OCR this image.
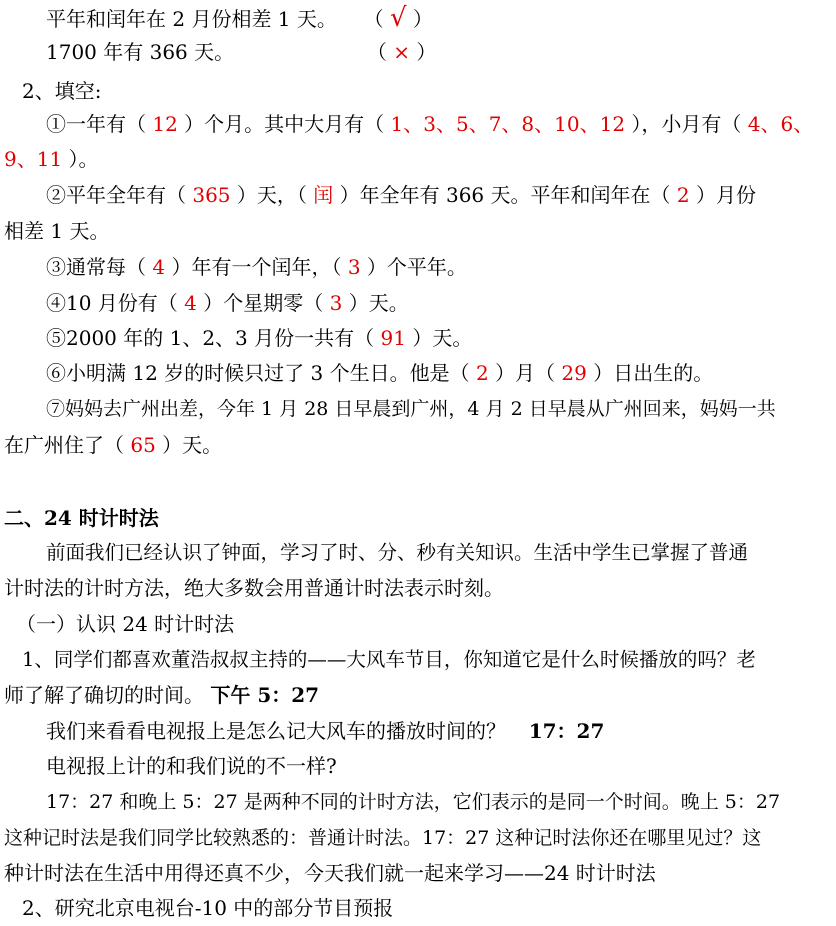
平年和闰年在 2 月份相差 1 天。 （ √ ）
1700 年有 366 天。	（ × ）
2、填空:
①一年有（ 12 ）个月。其中大月有（ 1、3、5、7、8、10、12 ），小月有（ 4、6、
9、11 ）。
②平年全年有（ 365 ）天，（ 闰 ）年全年有 366 天。平年和闰年在（ 2 ）月份
相差 1 天。
③通常每（ 4 ）年有一个闰年，（ 3 ）个平年。
④10 月份有（ 4 ）个星期零（ 3 ）天。
⑤2000 年的 1、2、3 月份一共有（ 91 ）天。
⑥小明满 12 岁的时候只过了 3 个生日。他是（ 2 ）月（ 29 ）日出生的。
⑦妈妈去广州出差，今年 1 月 28 日早晨到广州，4 月 2 日早晨从广州回来，妈妈一共
在广州住了（ 65 ）天。
二、24 时计时法
前面我们已经认识了钟面，学习了时、分、秒有关知识。生活中学生已掌握了普通
计时法的计时方法，绝大多数会用普通计时法表示时刻。
（一）认识 24 时计时法
1、同学们都喜欢董浩叔叔主持的——大风车节目，你知道它是什么时候播放的吗？老
师了解了确切的时间。 下午 5：27
我们来看看电视报上是怎么记大风车的播放时间的？ 17：27
电视报上计的和我们说的不一样?
17：27 和晚上 5：27 是两种不同的计时方法，它们表示的是同一个时间。晚上 5：27
这种记时法是我们同学比较熟悉的：普通计时法。17：27 这种记时法你还在哪里见过？这
种计时法在生活中用得还真不少，今天我们就一起来学习——24 时计时法
2、研究北京电视台-10 中的部分节目预报
